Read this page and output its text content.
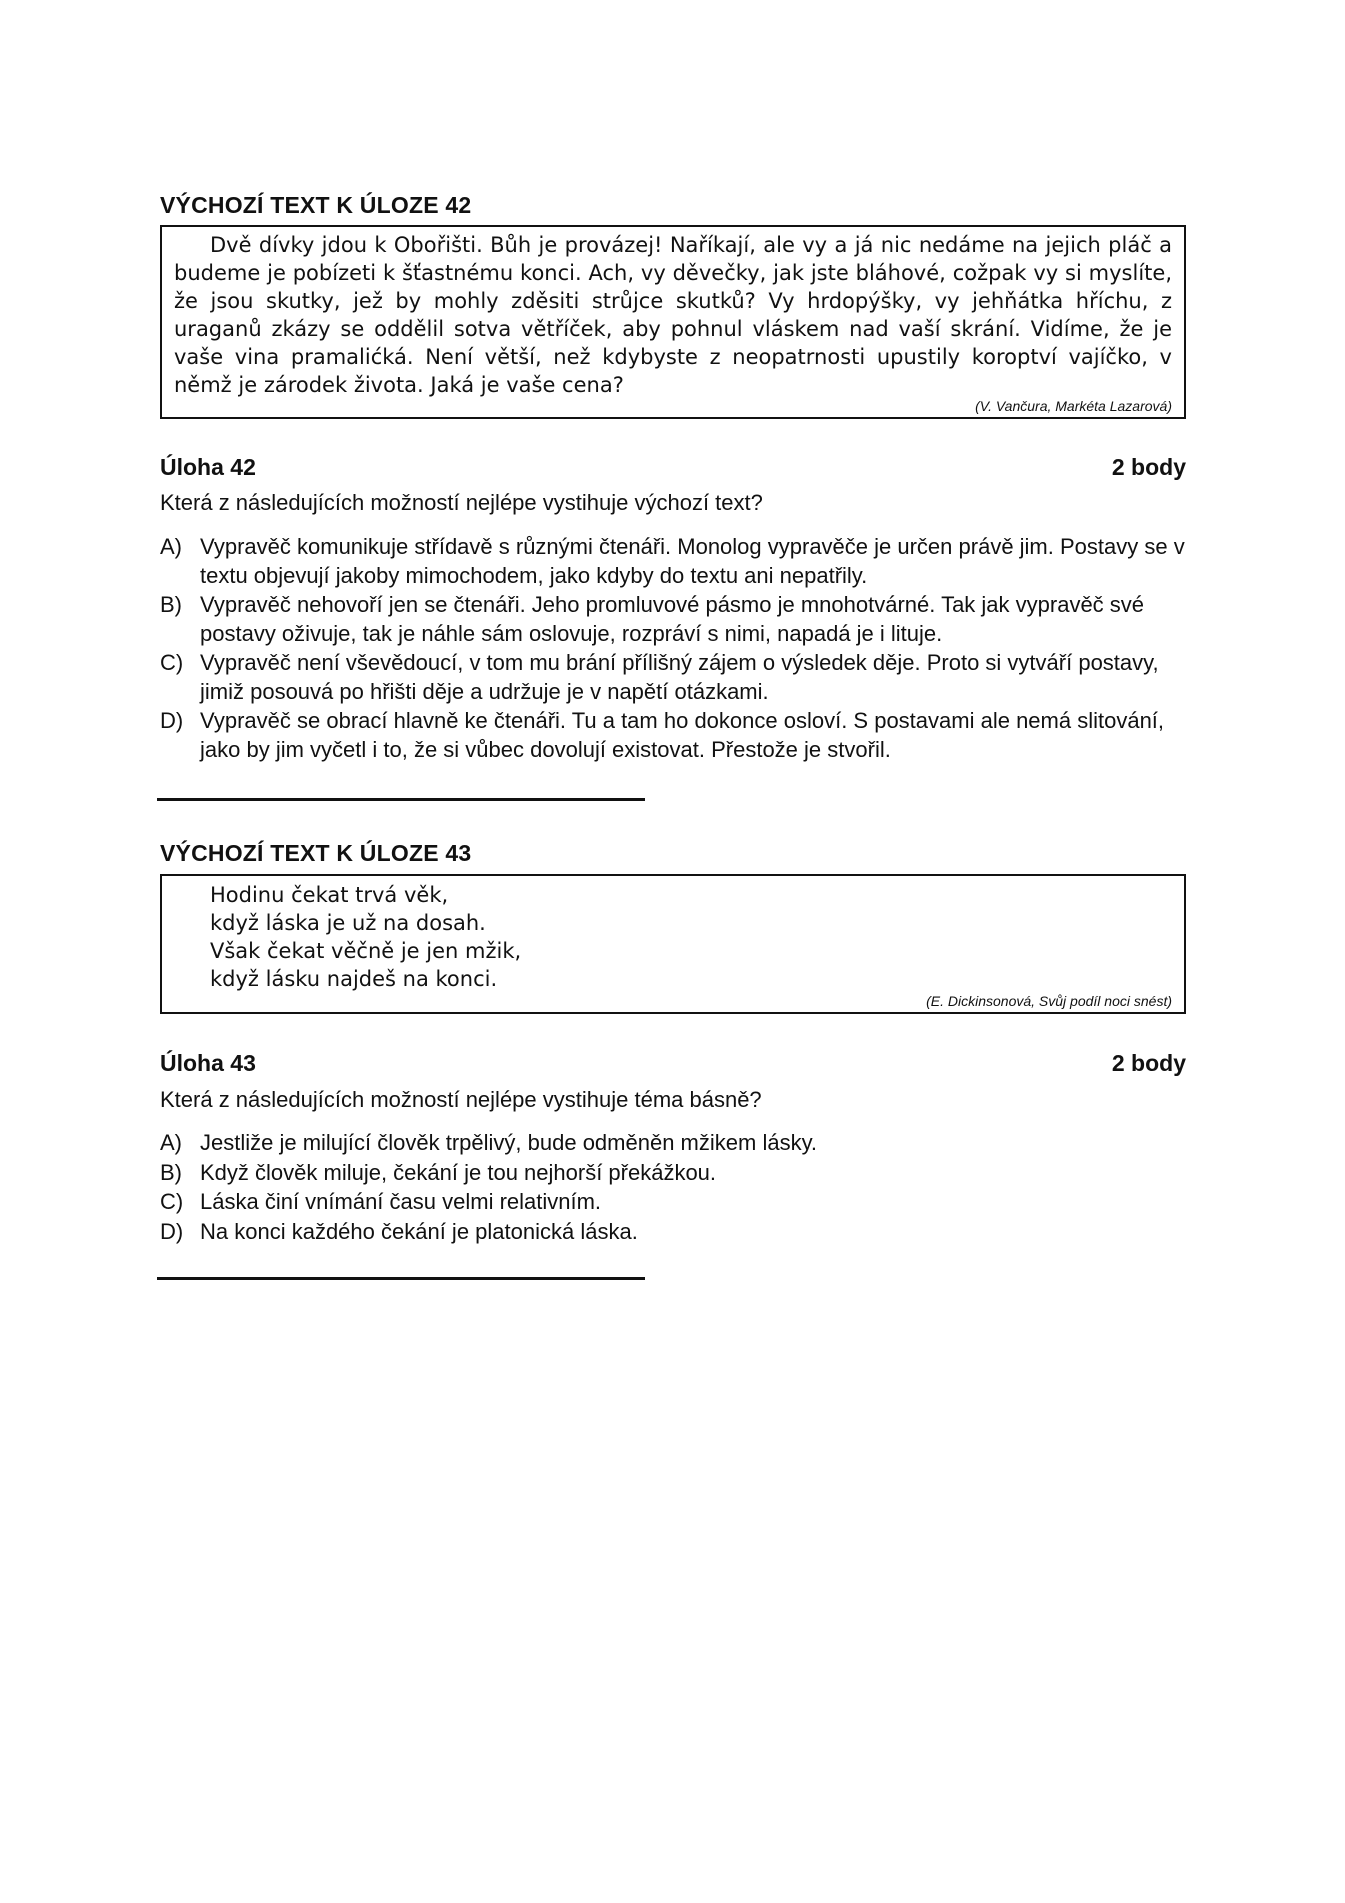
VÝCHOZÍ TEXT K ÚLOZE 42
Dvě dívky jdou k Obořišti. Bůh je provázej! Naříkají, ale vy a já nic nedáme na jejich pláč a budeme je pobízeti k šťastnému konci. Ach, vy děvečky, jak jste bláhové, cožpak vy si myslíte, že jsou skutky, jež by mohly zděsiti strůjce skutků? Vy hrdopýšky, vy jehňátka hříchu, z uraganů zkázy se oddělil sotva větříček, aby pohnul vláskem nad vaší skrání. Vidíme, že je vaše vina pramalićká. Není větší, než kdybyste z neopatrnosti upustily koroptví vajíčko, v němž je zárodek života. Jaká je vaše cena?
(V. Vančura, Markéta Lazarová)
Úloha 42	2 body
Která z následujících možností nejlépe vystihuje výchozí text?
A) Vypravěč komunikuje střídavě s různými čtenáři. Monolog vypravěče je určen právě jim. Postavy se v textu objevují jakoby mimochodem, jako kdyby do textu ani nepatřily.
B) Vypravěč nehovoří jen se čtenáři. Jeho promluvové pásmo je mnohotvárné. Tak jak vypravěč své postavy oživuje, tak je náhle sám oslovuje, rozpráví s nimi, napadá je i lituje.
C) Vypravěč není vševědoucí, v tom mu brání přílišný zájem o výsledek děje. Proto si vytváří postavy, jimiž posouvá po hřišti děje a udržuje je v napětí otázkami.
D) Vypravěč se obrací hlavně ke čtenáři. Tu a tam ho dokonce osloví. S postavami ale nemá slitování, jako by jim vyčetl i to, že si vůbec dovolují existovat. Přestože je stvořil.
VÝCHOZÍ TEXT K ÚLOZE 43
Hodinu čekat trvá věk,
když láska je už na dosah.
Však čekat věčně je jen mžik,
když lásku najdeš na konci.
(E. Dickinsonová, Svůj podíl noci snést)
Úloha 43	2 body
Která z následujících možností nejlépe vystihuje téma básně?
A) Jestliže je milující člověk trpělivý, bude odměněn mžikem lásky.
B) Když člověk miluje, čekání je tou nejhorší překážkou.
C) Láska činí vnímání času velmi relativním.
D) Na konci každého čekání je platonická láska.
